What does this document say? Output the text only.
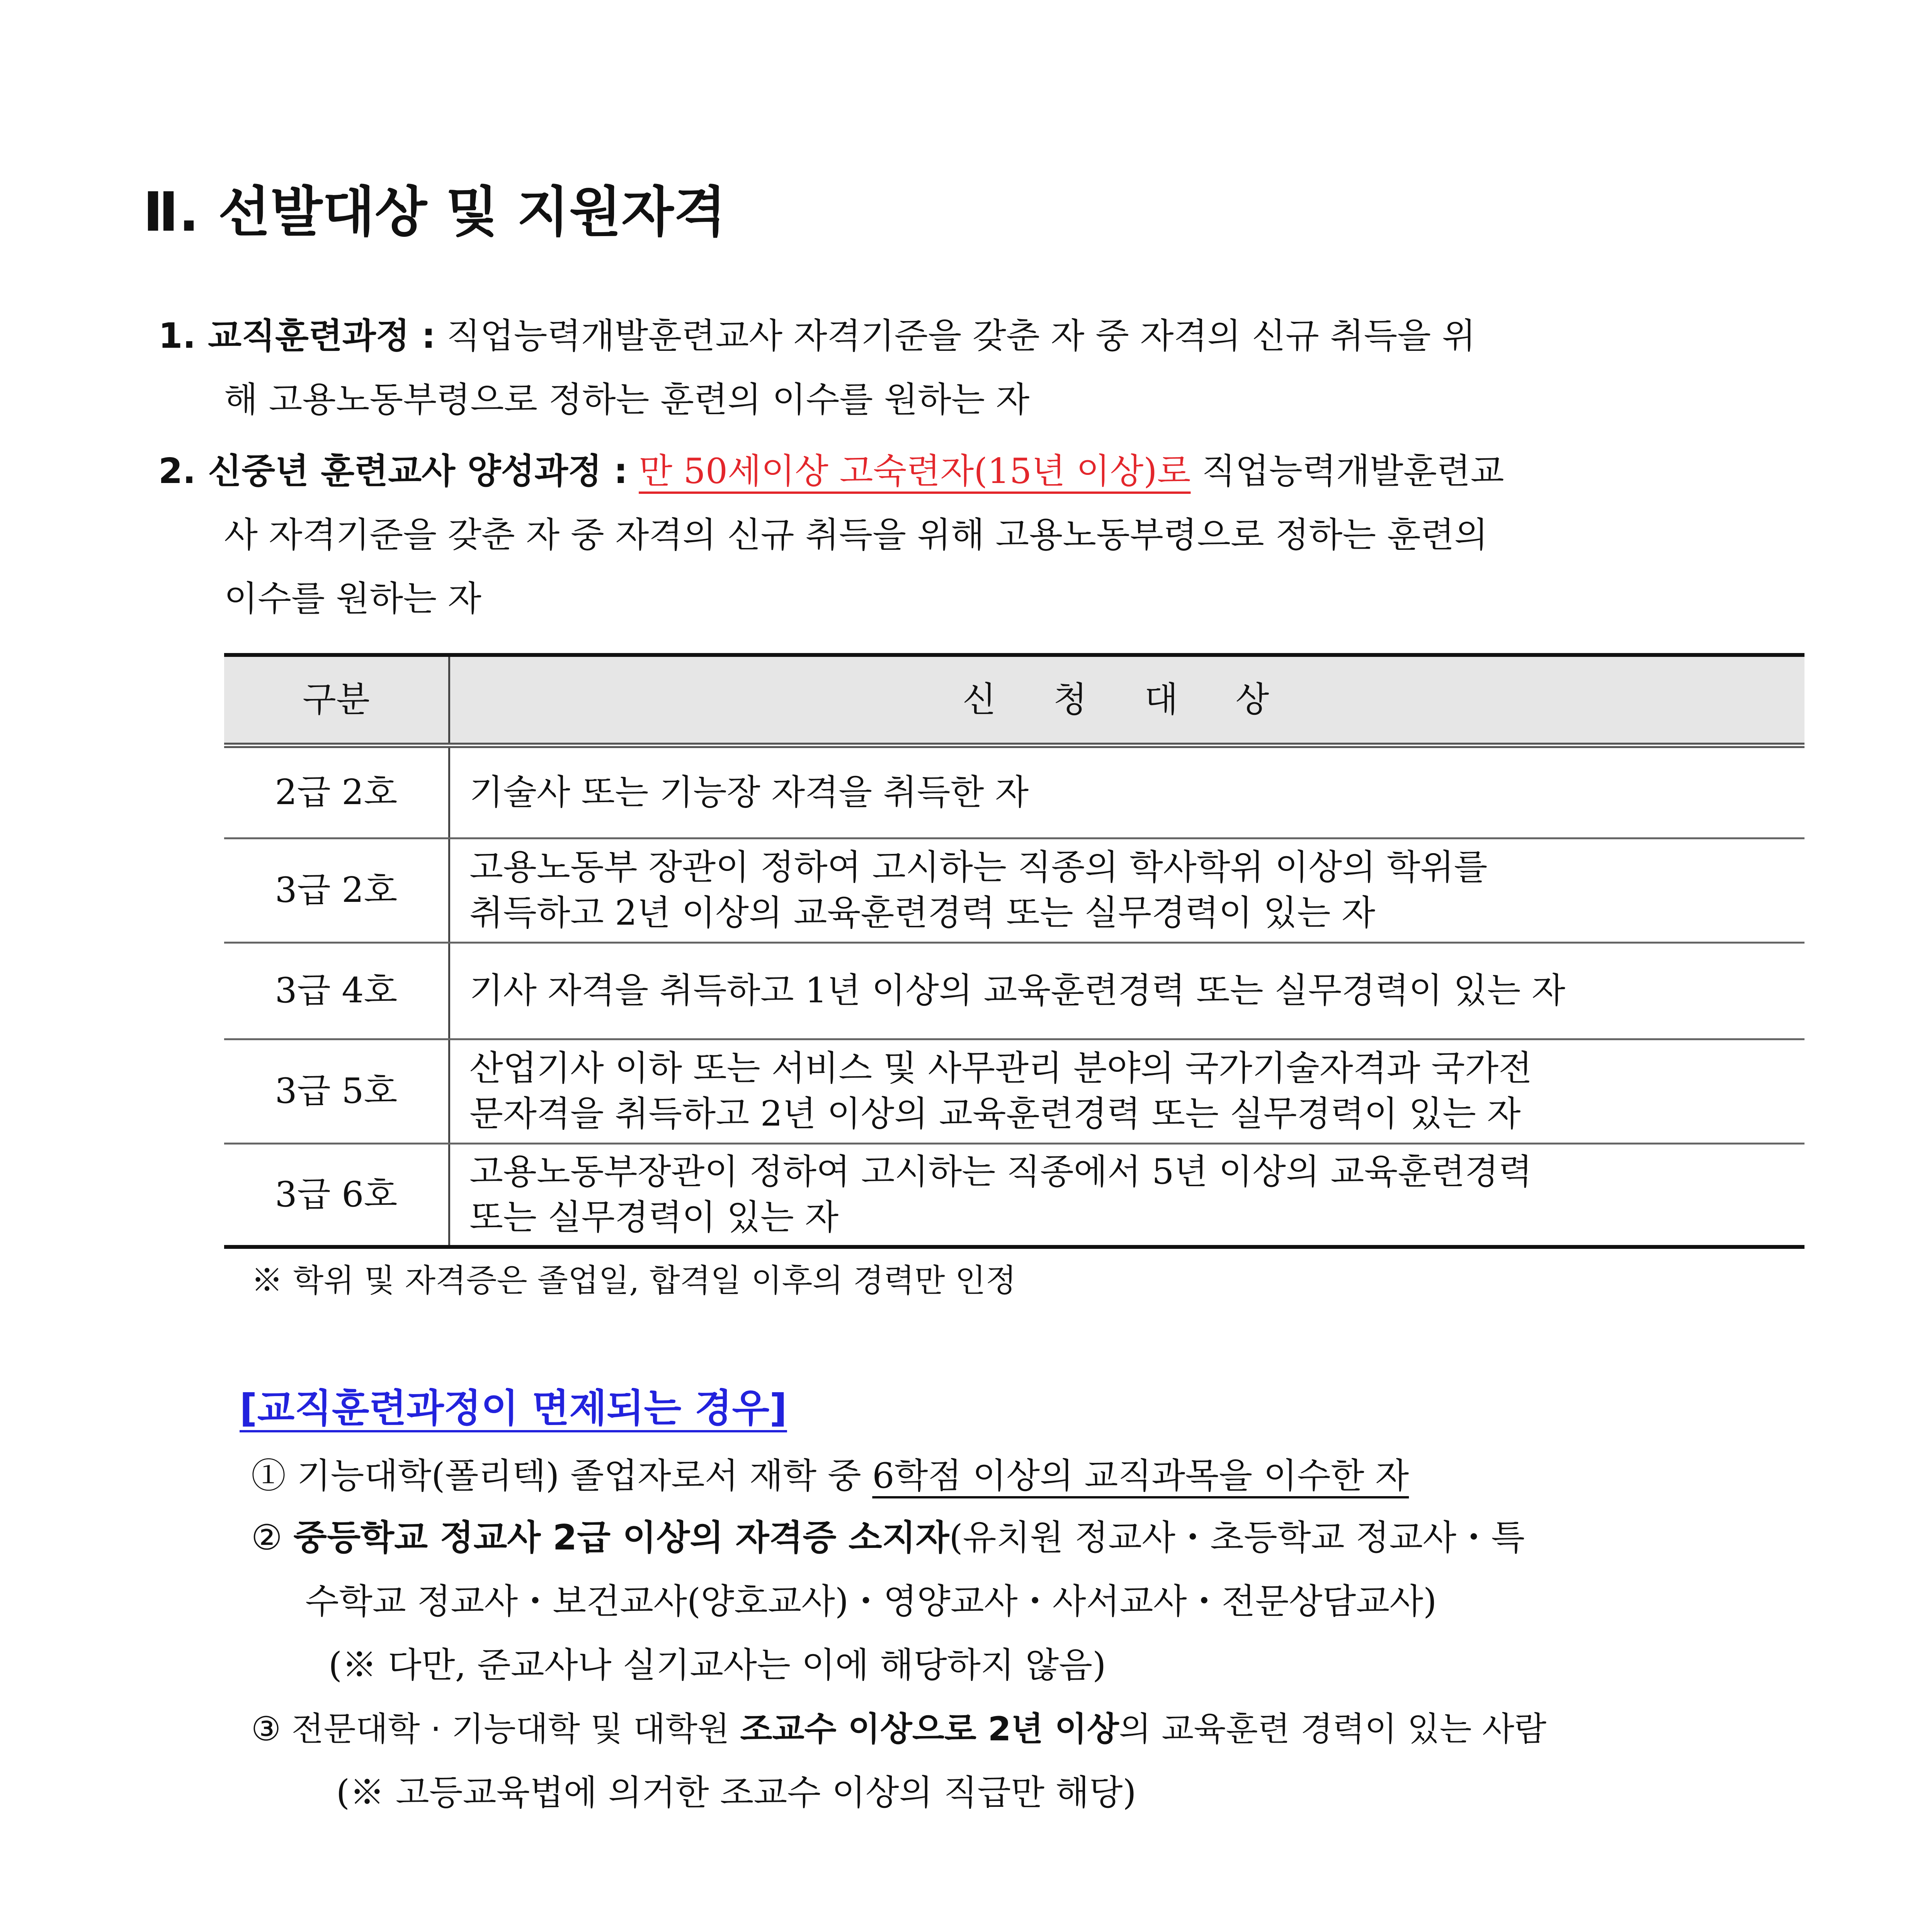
Ⅱ. 선발대상 및 지원자격
1. 교직훈련과정 : 직업능력개발훈련교사 자격기준을 갖춘 자 중 자격의 신규 취득을 위
해 고용노동부령으로 정하는 훈련의 이수를 원하는 자
2. 신중년 훈련교사 양성과정 : 만 50세이상 고숙련자(15년 이상)로 직업능력개발훈련교
사 자격기준을 갖춘 자 중 자격의 신규 취득을 위해 고용노동부령으로 정하는 훈련의
이수를 원하는 자
구분	신 청 대 상
2급 2호	기술사 또는 기능장 자격을 취득한 자

3급 2호	고용노동부 장관이 정하여 고시하는 직종의 학사학위 이상의 학위를
취득하고 2년 이상의 교육훈련경력 또는 실무경력이 있는 자

3급 4호	기사 자격을 취득하고 1년 이상의 교육훈련경력 또는 실무경력이 있는 자

3급 5호	산업기사 이하 또는 서비스 및 사무관리 분야의 국가기술자격과 국가전
문자격을 취득하고 2년 이상의 교육훈련경력 또는 실무경력이 있는 자

3급 6호	고용노동부장관이 정하여 고시하는 직종에서 5년 이상의 교육훈련경력
또는 실무경력이 있는 자
※ 학위 및 자격증은 졸업일, 합격일 이후의 경력만 인정
[교직훈련과정이 면제되는 경우]
① 기능대학(폴리텍) 졸업자로서 재학 중 6학점 이상의 교직과목을 이수한 자
② 중등학교 정교사 2급 이상의 자격증 소지자(유치원 정교사・초등학교 정교사・특
수학교 정교사・보건교사(양호교사)・영양교사・사서교사・전문상담교사)
(※ 다만, 준교사나 실기교사는 이에 해당하지 않음)
③ 전문대학 · 기능대학 및 대학원 조교수 이상으로 2년 이상의 교육훈련 경력이 있는 사람
(※ 고등교육법에 의거한 조교수 이상의 직급만 해당)
